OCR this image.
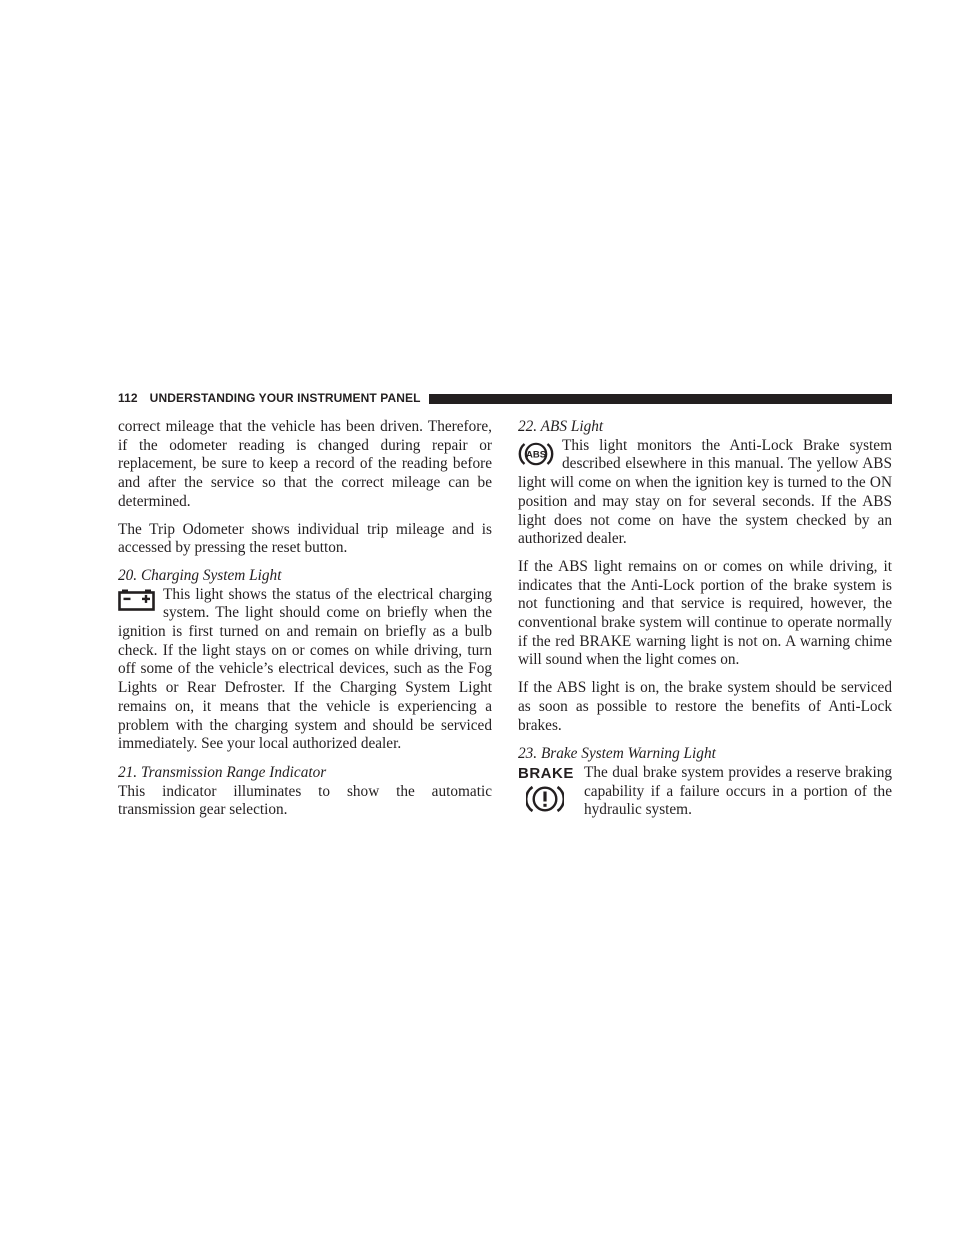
112 UNDERSTANDING YOUR INSTRUMENT PANEL

correct mileage that the vehicle has been driven. Therefore, if the odometer reading is changed during repair or replacement, be sure to keep a record of the reading before and after the service so that the correct mileage can be determined.

The Trip Odometer shows individual trip mileage and is accessed by pressing the reset button.

20. Charging System Light

This light shows the status of the electrical charging system. The light should come on briefly when the ignition is first turned on and remain on briefly as a bulb check. If the light stays on or comes on while driving, turn off some of the vehicle’s electrical devices, such as the Fog Lights or Rear Defroster. If the Charging System Light remains on, it means that the vehicle is experiencing a problem with the charging system and should be serviced immediately. See your local authorized dealer.

21. Transmission Range Indicator

This indicator illuminates to show the automatic transmission gear selection.

22. ABS Light

ABS
This light monitors the Anti-Lock Brake system described elsewhere in this manual. The yellow ABS light will come on when the ignition key is turned to the ON position and may stay on for several seconds. If the ABS light does not come on have the system checked by an authorized dealer.

If the ABS light remains on or comes on while driving, it indicates that the Anti-Lock portion of the brake system is not functioning and that service is required, however, the conventional brake system will continue to operate normally if the red BRAKE warning light is not on. A warning chime will sound when the light comes on.

If the ABS light is on, the brake system should be serviced as soon as possible to restore the benefits of Anti-Lock brakes.

23. Brake System Warning Light

BRAKE The dual brake system provides a reserve braking capability if a failure occurs in a portion of the hydraulic system.
